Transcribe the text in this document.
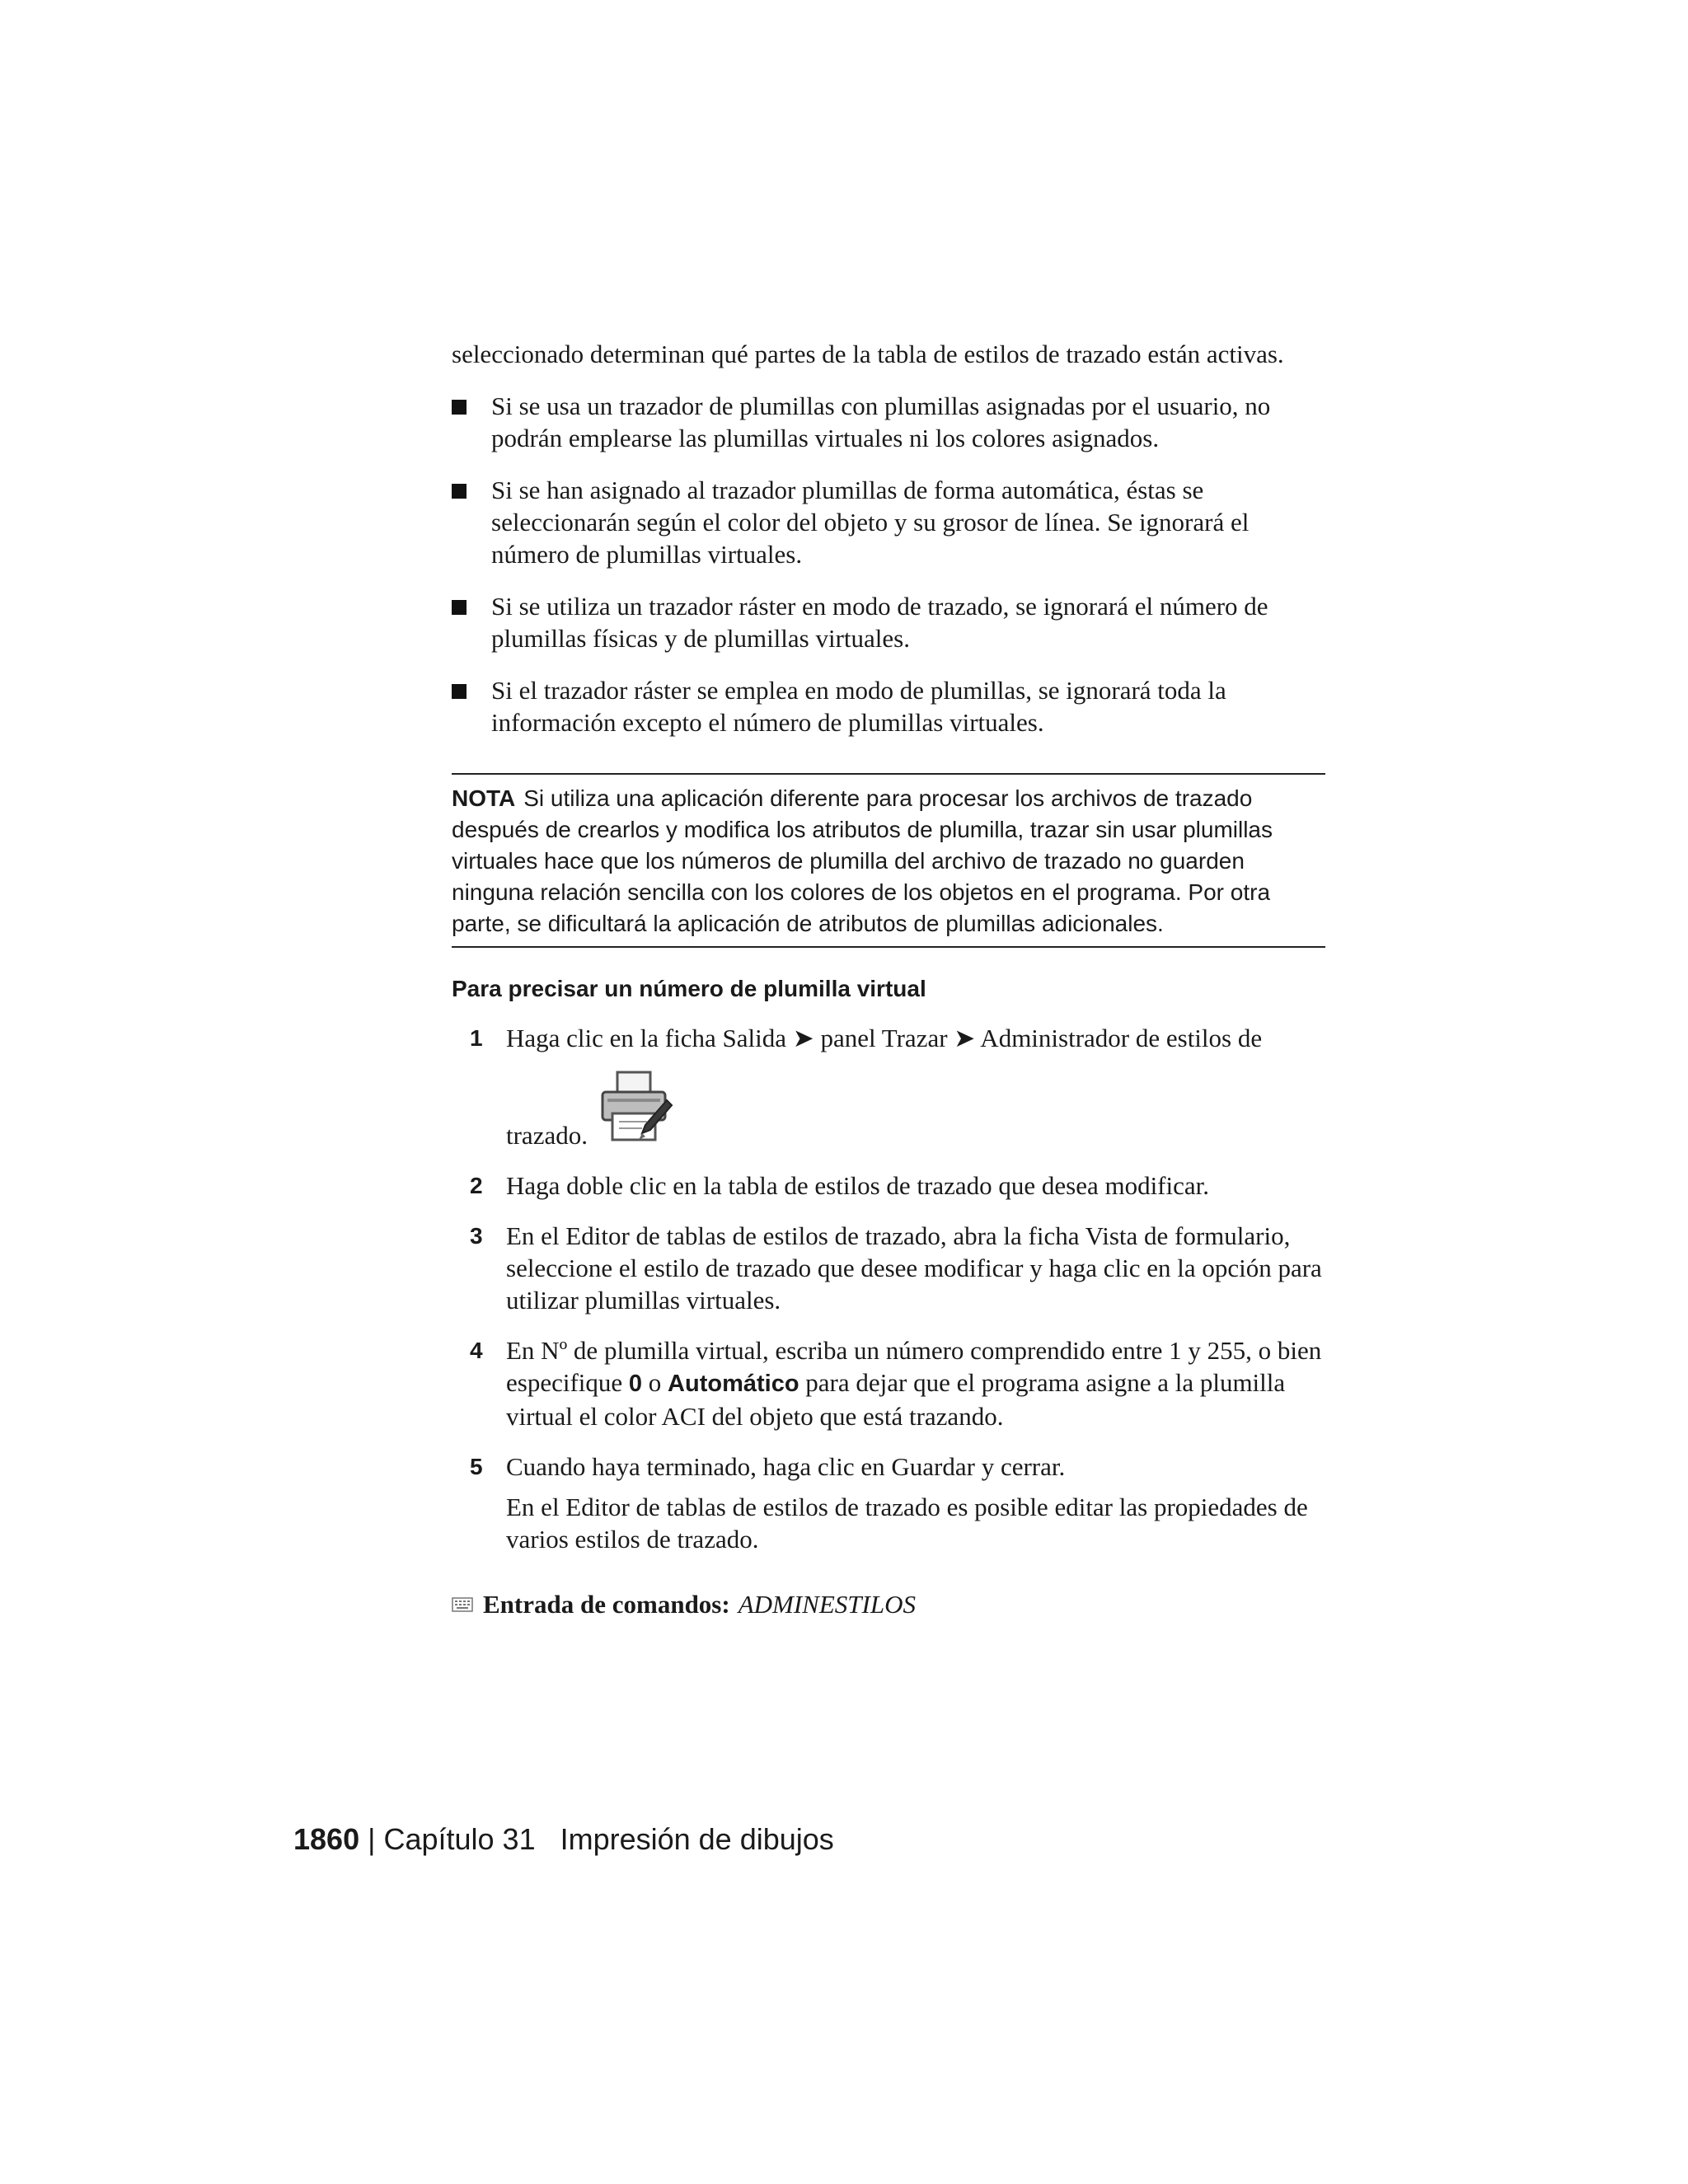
seleccionado determinan qué partes de la tabla de estilos de trazado están activas.

Si se usa un trazador de plumillas con plumillas asignadas por el usuario, no podrán emplearse las plumillas virtuales ni los colores asignados.
Si se han asignado al trazador plumillas de forma automática, éstas se seleccionarán según el color del objeto y su grosor de línea. Se ignorará el número de plumillas virtuales.
Si se utiliza un trazador ráster en modo de trazado, se ignorará el número de plumillas físicas y de plumillas virtuales.
Si el trazador ráster se emplea en modo de plumillas, se ignorará toda la información excepto el número de plumillas virtuales.
NOTA Si utiliza una aplicación diferente para procesar los archivos de trazado después de crearlos y modifica los atributos de plumilla, trazar sin usar plumillas virtuales hace que los números de plumilla del archivo de trazado no guarden ninguna relación sencilla con los colores de los objetos en el programa. Por otra parte, se dificultará la aplicación de atributos de plumillas adicionales.
Para precisar un número de plumilla virtual
1 Haga clic en la ficha Salida ➤ panel Trazar ➤ Administrador de estilos de
trazado.
2 Haga doble clic en la tabla de estilos de trazado que desea modificar.
3 En el Editor de tablas de estilos de trazado, abra la ficha Vista de formulario, seleccione el estilo de trazado que desee modificar y haga clic en la opción para utilizar plumillas virtuales.
4 En Nº de plumilla virtual, escriba un número comprendido entre 1 y 255, o bien especifique 0 o Automático para dejar que el programa asigne a la plumilla virtual el color ACI del objeto que está trazando.
5 Cuando haya terminado, haga clic en Guardar y cerrar.
En el Editor de tablas de estilos de trazado es posible editar las propiedades de varios estilos de trazado.
Entrada de comandos: ADMINESTILOS
1860 | Capítulo 31 Impresión de dibujos
